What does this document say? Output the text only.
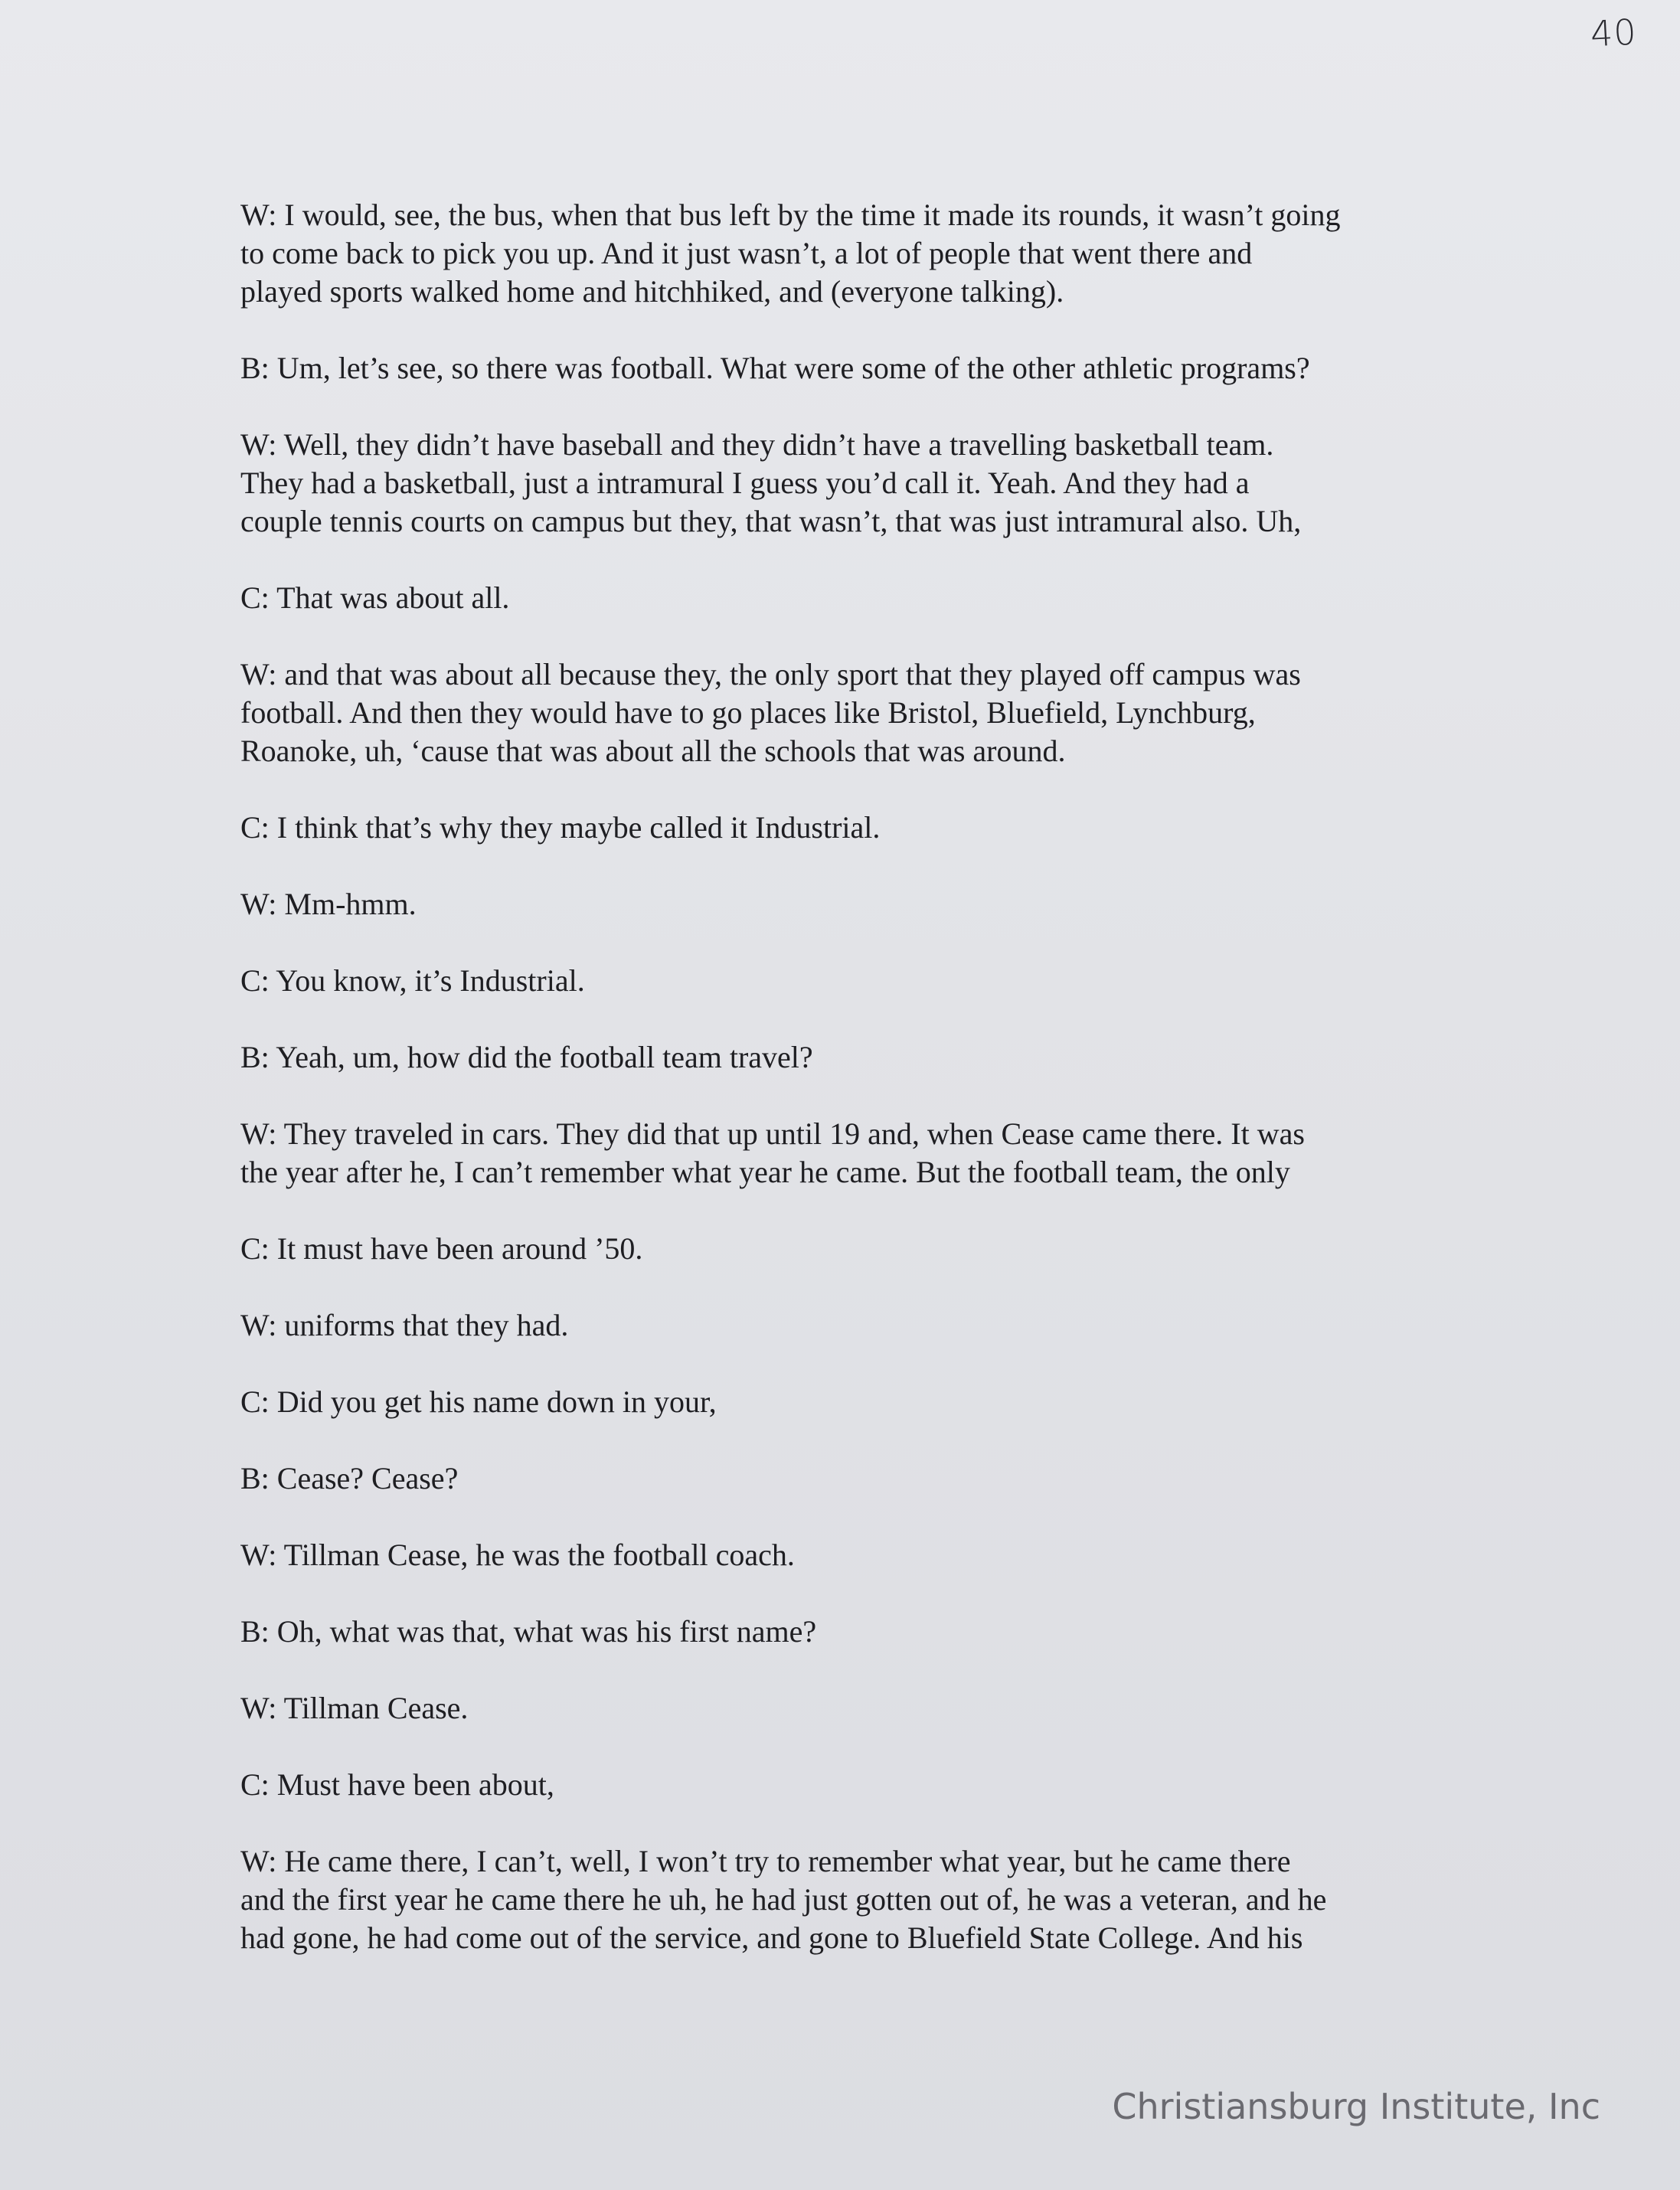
40

W: I would, see, the bus, when that bus left by the time it made its rounds, it wasn’t going
to come back to pick you up. And it just wasn’t, a lot of people that went there and
played sports walked home and hitchhiked, and (everyone talking).

B: Um, let’s see, so there was football. What were some of the other athletic programs?

W: Well, they didn’t have baseball and they didn’t have a travelling basketball team.
They had a basketball, just a intramural I guess you’d call it. Yeah. And they had a
couple tennis courts on campus but they, that wasn’t, that was just intramural also. Uh,

C: That was about all.

W: and that was about all because they, the only sport that they played off campus was
football. And then they would have to go places like Bristol, Bluefield, Lynchburg,
Roanoke, uh, ‘cause that was about all the schools that was around.

C: I think that’s why they maybe called it Industrial.

W: Mm-hmm.

C: You know, it’s Industrial.

B: Yeah, um, how did the football team travel?

W: They traveled in cars. They did that up until 19 and, when Cease came there. It was
the year after he, I can’t remember what year he came. But the football team, the only

C: It must have been around ’50.

W: uniforms that they had.

C: Did you get his name down in your,

B: Cease? Cease?

W: Tillman Cease, he was the football coach.

B: Oh, what was that, what was his first name?

W: Tillman Cease.

C: Must have been about,

W: He came there, I can’t, well, I won’t try to remember what year, but he came there
and the first year he came there he uh, he had just gotten out of, he was a veteran, and he
had gone, he had come out of the service, and gone to Bluefield State College. And his

Christiansburg Institute, Inc
